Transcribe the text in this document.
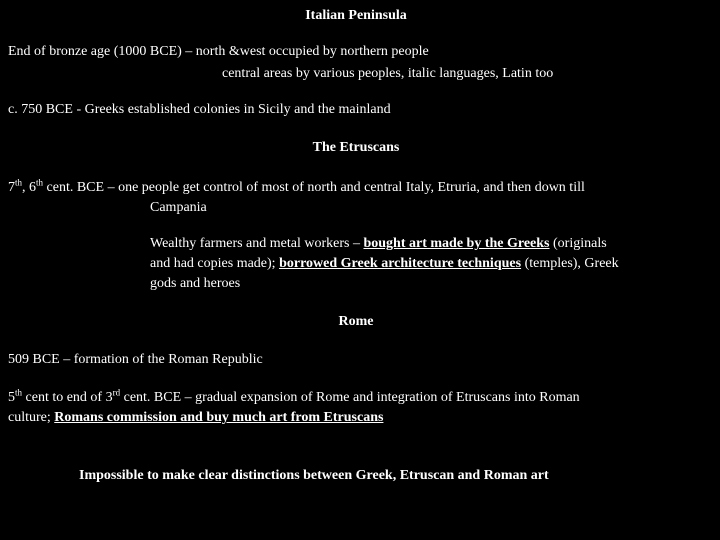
Italian Peninsula
End of bronze age (1000 BCE) – north &west occupied by northern people
central areas by various peoples, italic languages, Latin too
c. 750 BCE - Greeks established colonies in Sicily and the mainland
The Etruscans
7th, 6th cent. BCE – one people get control of most of north and central Italy, Etruria, and then down till
Campania
Wealthy farmers and metal workers – bought art made by the Greeks (originals
and had copies made); borrowed Greek architecture techniques (temples), Greek
gods and heroes
Rome
509 BCE – formation of the Roman Republic
5th cent to end of 3rd cent. BCE – gradual expansion of Rome and integration of Etruscans into Roman
culture; Romans commission and buy much art from Etruscans
Impossible to make clear distinctions between Greek, Etruscan and Roman art
